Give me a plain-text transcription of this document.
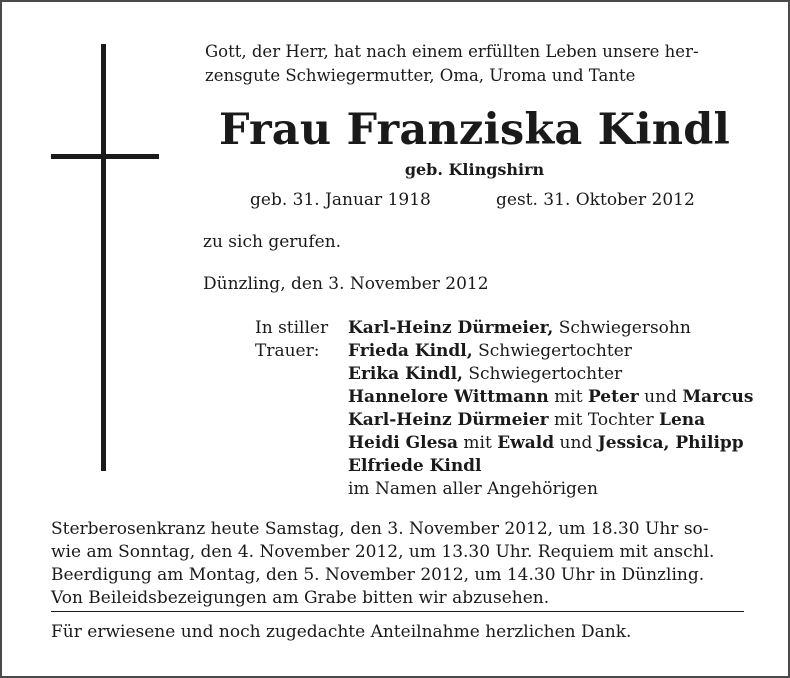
Gott, der Herr, hat nach einem erfüllten Leben unsere her-
zensgute Schwiegermutter, Oma, Uroma und Tante
Frau Franziska Kindl
geb. Klingshirn
geb. 31. Januar 1918	gest. 31. Oktober 2012
zu sich gerufen.
Dünzling, den 3. November 2012
In stiller
Trauer:
Karl-Heinz Dürmeier, Schwiegersohn
Frieda Kindl, Schwiegertochter
Erika Kindl, Schwiegertochter
Hannelore Wittmann mit Peter und Marcus
Karl-Heinz Dürmeier mit Tochter Lena
Heidi Glesa mit Ewald und Jessica, Philipp
Elfriede Kindl
im Namen aller Angehörigen
Sterberosenkranz heute Samstag, den 3. November 2012, um 18.30 Uhr so-
wie am Sonntag, den 4. November 2012, um 13.30 Uhr. Requiem mit anschl.
Beerdigung am Montag, den 5. November 2012, um 14.30 Uhr in Dünzling.
Von Beileidsbezeigungen am Grabe bitten wir abzusehen.
Für erwiesene und noch zugedachte Anteilnahme herzlichen Dank.
